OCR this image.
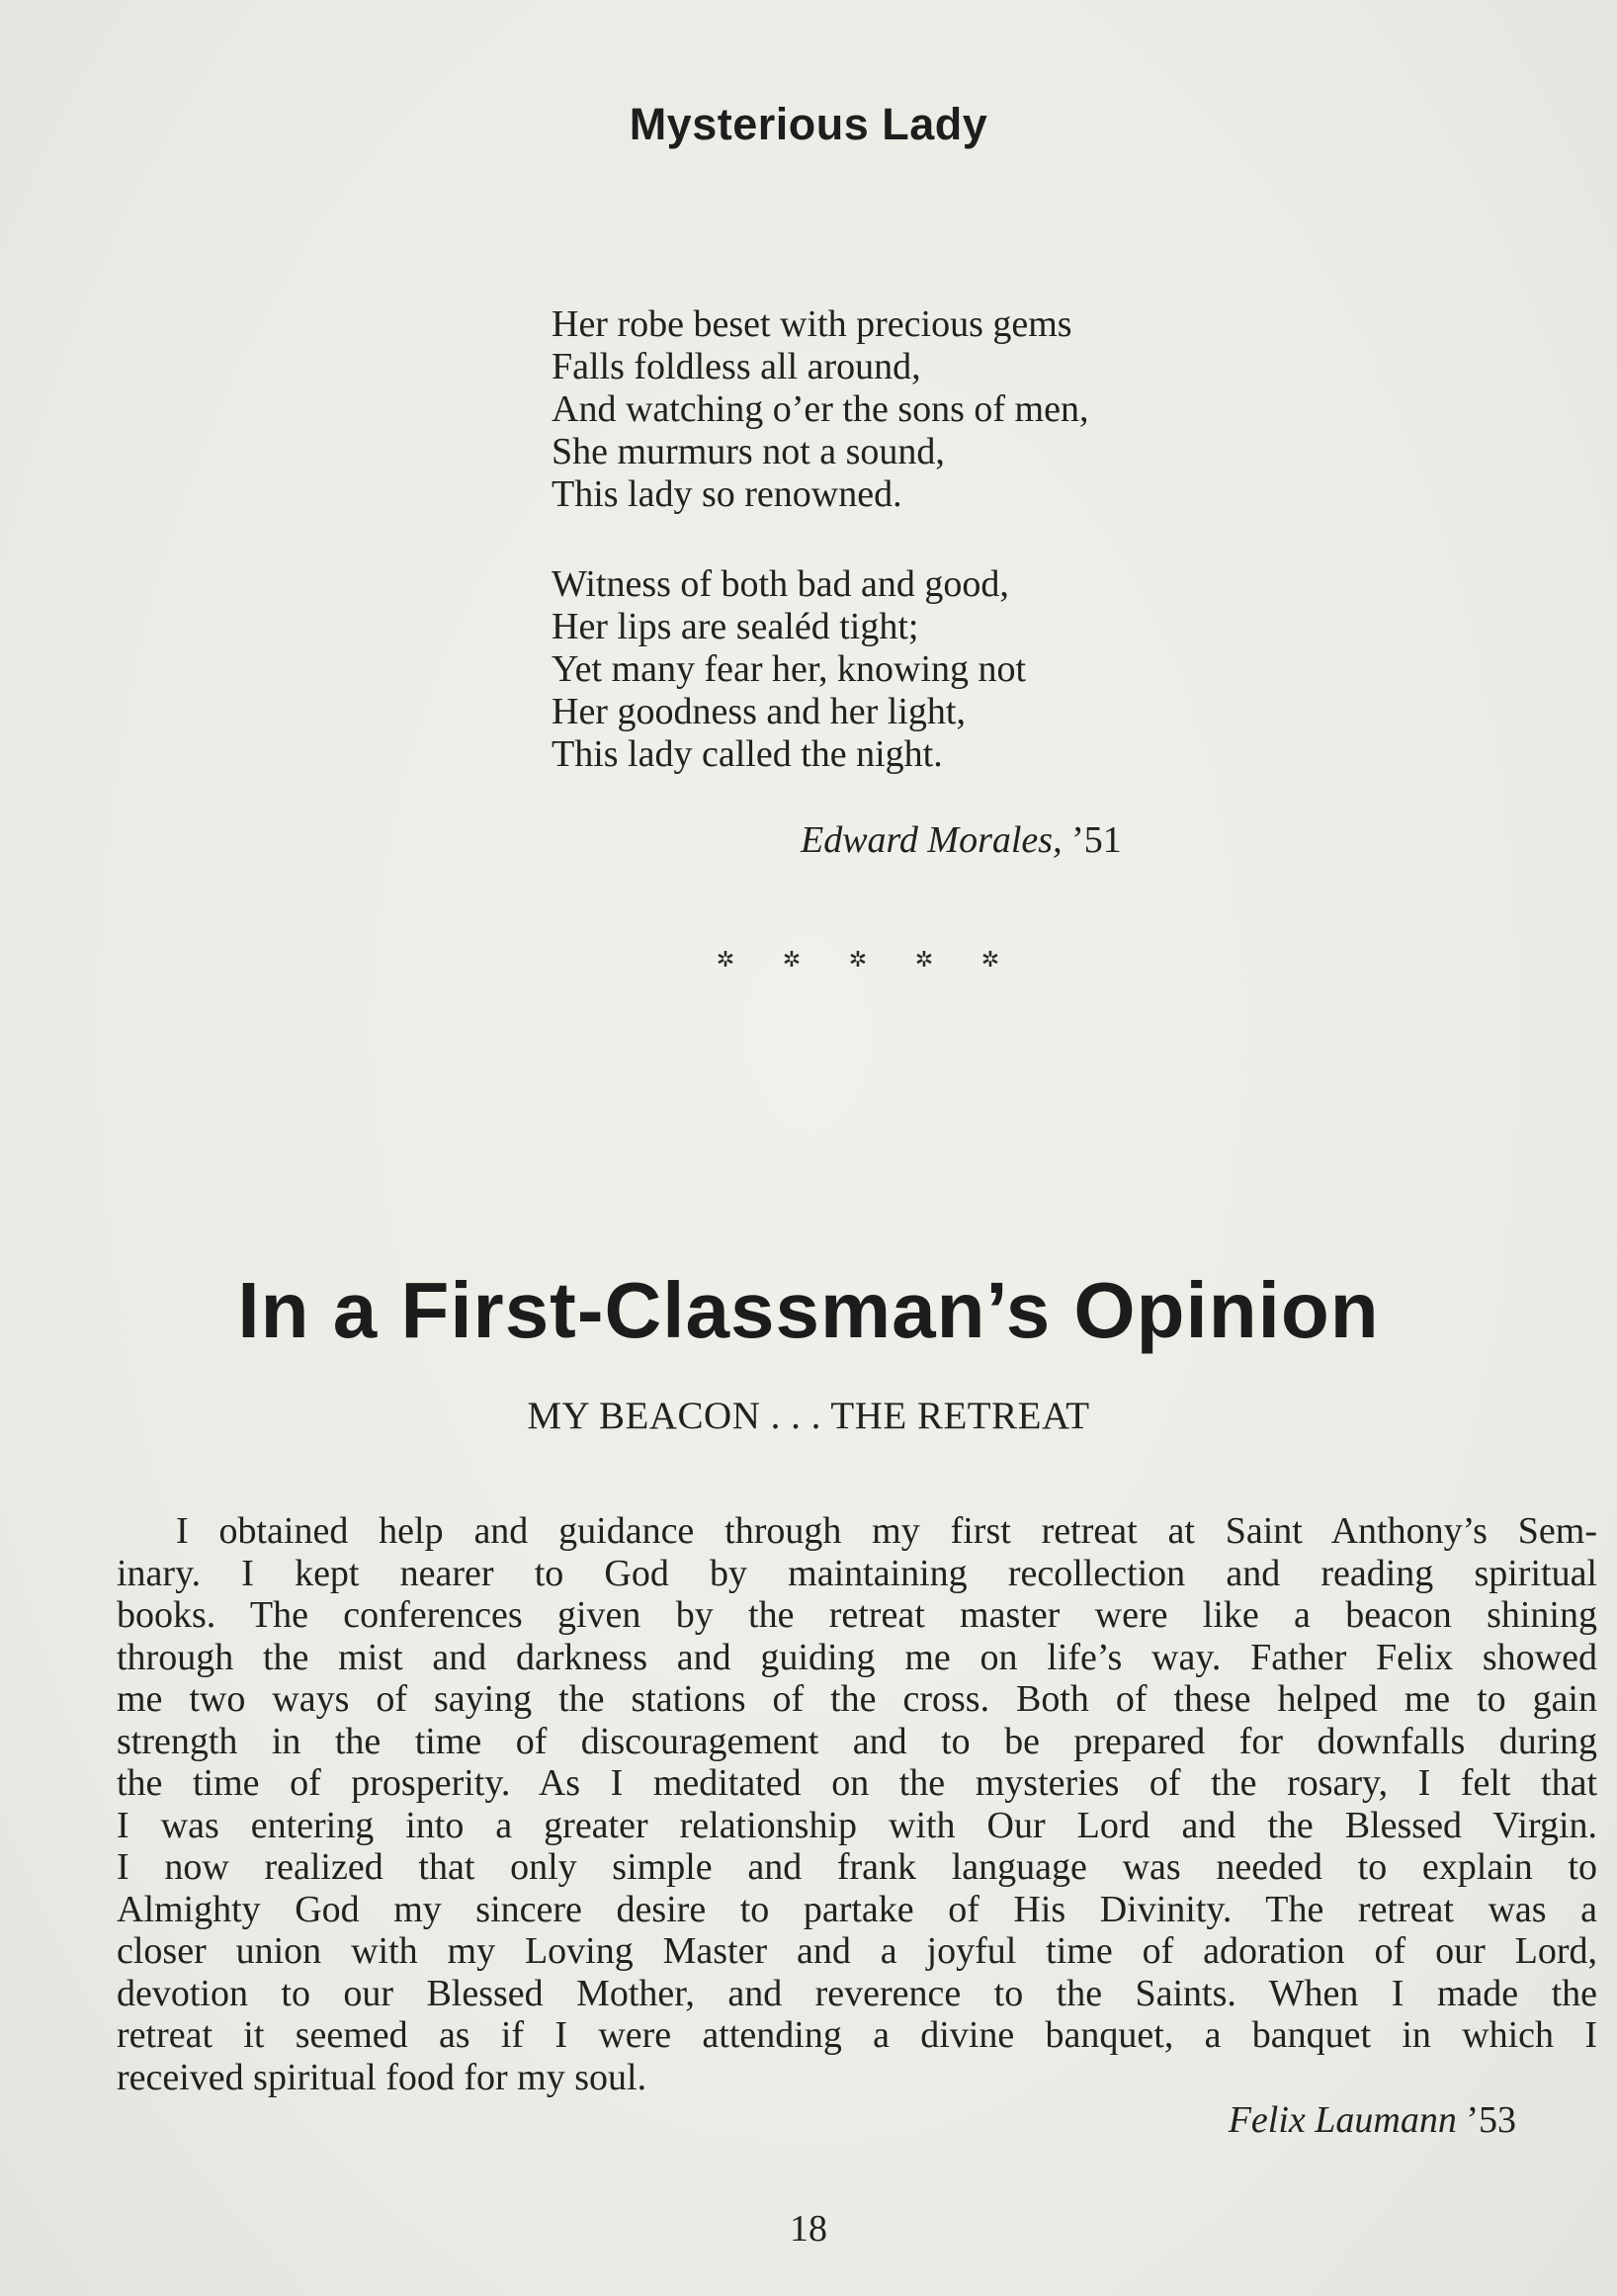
Mysterious Lady
Her robe beset with precious gems
Falls foldless all around,
And watching o’er the sons of men,
She murmurs not a sound,
This lady so renowned.
Witness of both bad and good,
Her lips are sealéd tight;
Yet many fear her, knowing not
Her goodness and her light,
This lady called the night.
Edward Morales, ’51
✲ ✲ ✲ ✲ ✲
In a First-Classman’s Opinion
MY BEACON . . . THE RETREAT
I obtained help and guidance through my first retreat at Saint Anthony’s Sem-
inary. I kept nearer to God by maintaining recollection and reading spiritual
books. The conferences given by the retreat master were like a beacon shining
through the mist and darkness and guiding me on life’s way. Father Felix showed
me two ways of saying the stations of the cross. Both of these helped me to gain
strength in the time of discouragement and to be prepared for downfalls during
the time of prosperity. As I meditated on the mysteries of the rosary, I felt that
I was entering into a greater relationship with Our Lord and the Blessed Virgin.
I now realized that only simple and frank language was needed to explain to
Almighty God my sincere desire to partake of His Divinity. The retreat was a
closer union with my Loving Master and a joyful time of adoration of our Lord,
devotion to our Blessed Mother, and reverence to the Saints. When I made the
retreat it seemed as if I were attending a divine banquet, a banquet in which I
received spiritual food for my soul.
Felix Laumann ’53
18
